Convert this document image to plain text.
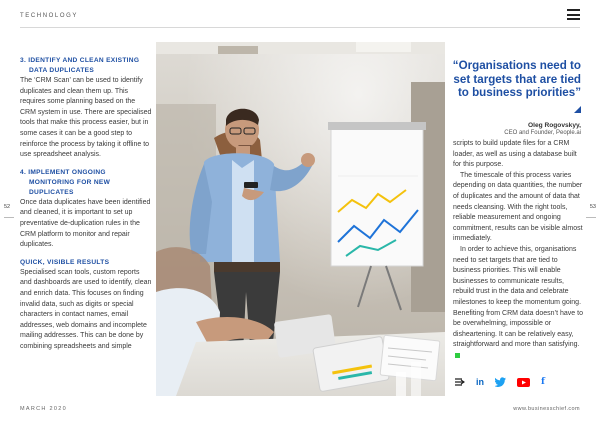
TECHNOLOGY
52	53
3. IDENTIFY AND CLEAN EXISTING DATA DUPLICATES

The ‘CRM Scan’ can be used to identify duplicates and clean them up. This requires some planning based on the CRM system in use. There are specialised tools that make this process easier, but in some cases it can be a good step to reinforce the process by taking it offline to use spreadsheet analysis.

4. IMPLEMENT ONGOING MONITORING FOR NEW DUPLICATES

Once data duplicates have been identified and cleaned, it is important to set up preventative de-duplication rules in the CRM platform to monitor and repair duplicates.

QUICK, VISIBLE RESULTS

Specialised scan tools, custom reports and dashboards are used to identify, clean and enrich data. This focuses on finding invalid data, such as digits or special characters in contact names, email addresses, web domains and incomplete mailing addresses. This can be done by combining spreadsheets and simple

“Organisations need to set targets that are tied to business priorities”
Oleg Rogovskyy,
CEO and Founder, People.ai

scripts to build update files for a CRM loader, as well as using a database built for this purpose.

The timescale of this process varies depending on data quantities, the number of duplicates and the amount of data that needs cleansing. With the right tools, reliable measurement and ongoing commitment, results can be visible almost immediately.

In order to achieve this, organisations need to set targets that are tied to business priorities. This will enable businesses to communicate results, rebuild trust in the data and celebrate milestones to keep the momentum going. Benefiting from CRM data doesn’t have to be overwhelming, impossible or disheartening. It can be relatively easy, straightforward and more than satisfying.

in	f
MARCH 2020	www.businesschief.com
